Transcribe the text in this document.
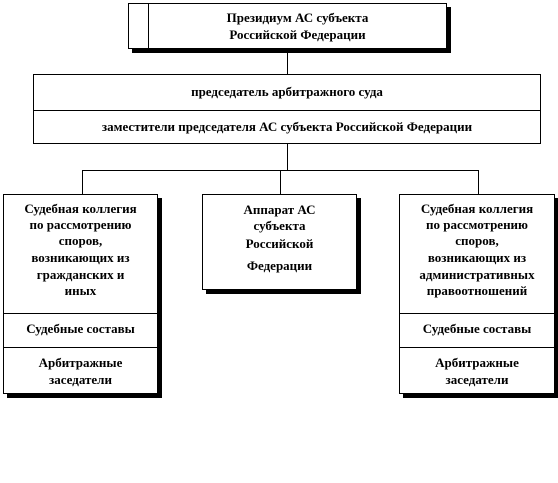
Президиум АС субъекта
Российской Федерации
председатель арбитражного суда
заместители председателя АС субъекта Российской Федерации
Судебная коллегия
по рассмотрению
споров,
возникающих из
гражданских и
иных
Судебные составы
Арбитражные
заседатели
Аппарат АС
субъекта
Российской
Федерации
Судебная коллегия
по рассмотрению
споров,
возникающих из
административных
правоотношений
Судебные составы
Арбитражные
заседатели
